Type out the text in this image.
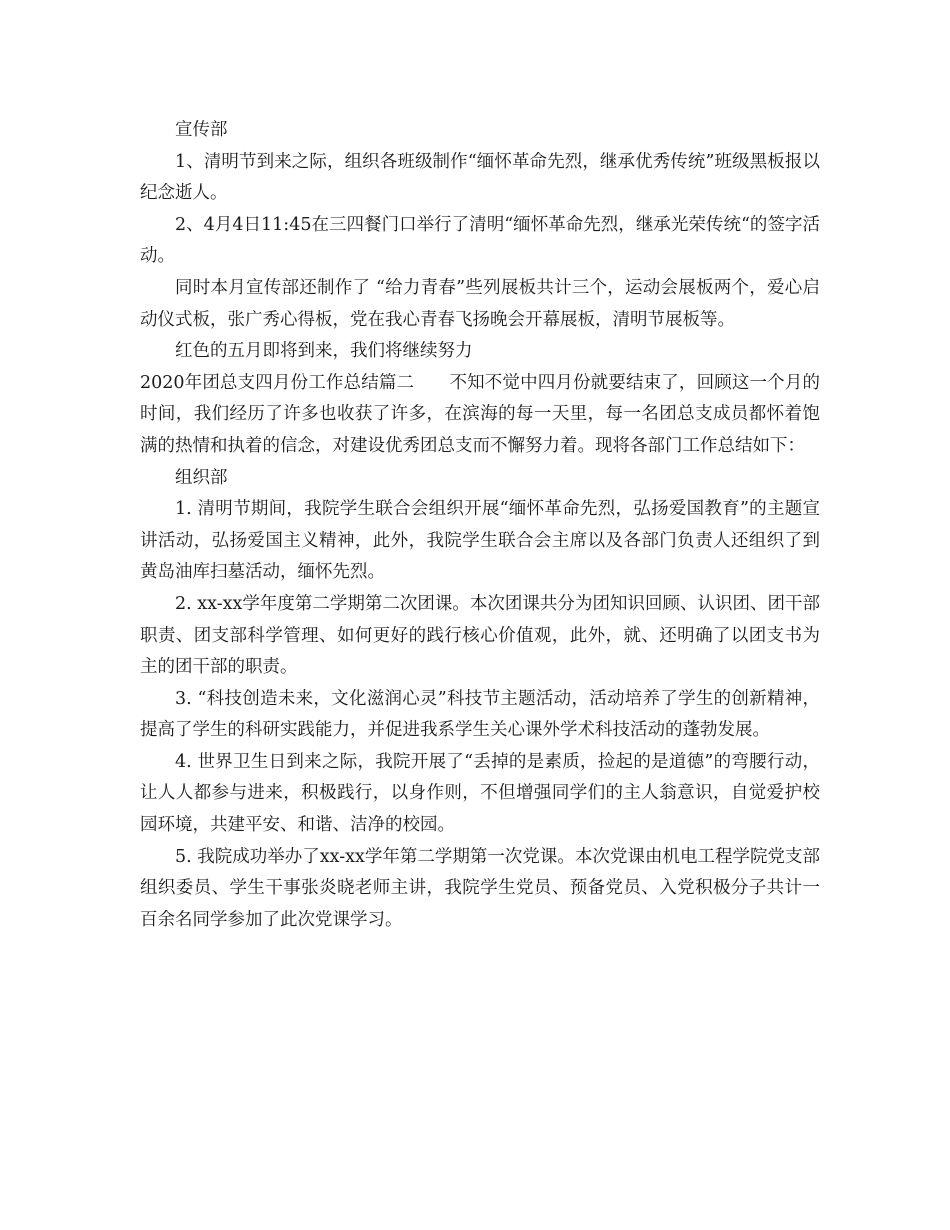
宣传部

1、清明节到来之际，组织各班级制作“缅怀革命先烈，继承优秀传统”班级黑板报以纪念逝人。

2、4月4日11:45在三四餐门口举行了清明“缅怀革命先烈，继承光荣传统“的签字活动。

同时本月宣传部还制作了 “给力青春”些列展板共计三个，运动会展板两个，爱心启动仪式板，张广秀心得板，党在我心青春飞扬晚会开幕展板，清明节展板等。

红色的五月即将到来，我们将继续努力

2020年团总支四月份工作总结篇二　　不知不觉中四月份就要结束了，回顾这一个月的时间，我们经历了许多也收获了许多，在滨海的每一天里，每一名团总支成员都怀着饱满的热情和执着的信念，对建设优秀团总支而不懈努力着。现将各部门工作总结如下：

组织部

1. 清明节期间，我院学生联合会组织开展“缅怀革命先烈，弘扬爱国教育”的主题宣讲活动，弘扬爱国主义精神，此外，我院学生联合会主席以及各部门负责人还组织了到黄岛油库扫墓活动，缅怀先烈。

2. xx-xx学年度第二学期第二次团课。本次团课共分为团知识回顾、认识团、团干部职责、团支部科学管理、如何更好的践行核心价值观，此外，就、还明确了以团支书为主的团干部的职责。

3. “科技创造未来，文化滋润心灵”科技节主题活动，活动培养了学生的创新精神，提高了学生的科研实践能力，并促进我系学生关心课外学术科技活动的蓬勃发展。

4. 世界卫生日到来之际，我院开展了“丢掉的是素质，捡起的是道德”的弯腰行动，让人人都参与进来，积极践行，以身作则，不但增强同学们的主人翁意识，自觉爱护校园环境，共建平安、和谐、洁净的校园。

5. 我院成功举办了xx-xx学年第二学期第一次党课。本次党课由机电工程学院党支部组织委员、学生干事张炎晓老师主讲，我院学生党员、预备党员、入党积极分子共计一百余名同学参加了此次党课学习。
